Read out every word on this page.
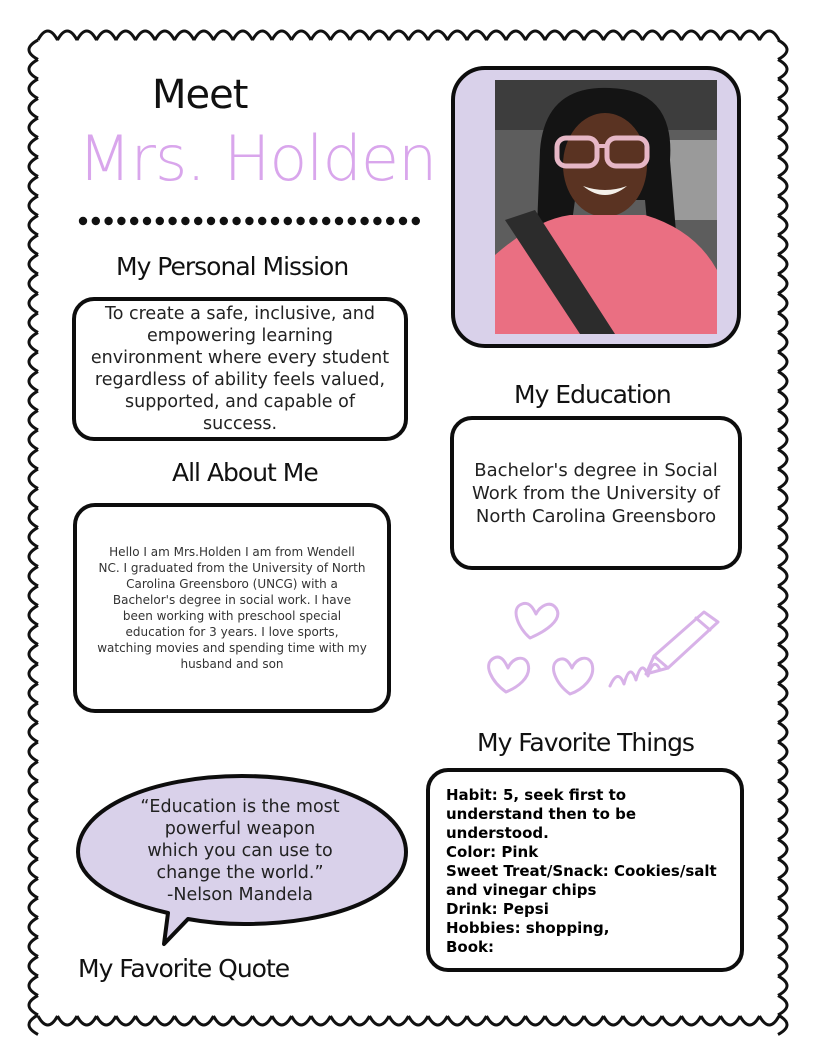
Meet
Mrs. Holden
My Personal Mission
To create a safe, inclusive, and empowering learning environment where every student regardless of ability feels valued, supported, and capable of success.
All About Me
Hello I am Mrs.Holden I am from Wendell NC. I graduated from the University of North Carolina Greensboro (UNCG) with a Bachelor's degree in social work. I have been working with preschool special education for 3 years. I love sports, watching movies and spending time with my husband and son
My Education
Bachelor's degree in Social Work from the University of North Carolina Greensboro
My Favorite Things
Habit: 5, seek first to understand then to be understood.
Color: Pink
Sweet Treat/Snack: Cookies/salt and vinegar chips
Drink: Pepsi
Hobbies: shopping,
Book:
“Education is the most
powerful weapon
which you can use to
change the world.”
-Nelson Mandela
My Favorite Quote
